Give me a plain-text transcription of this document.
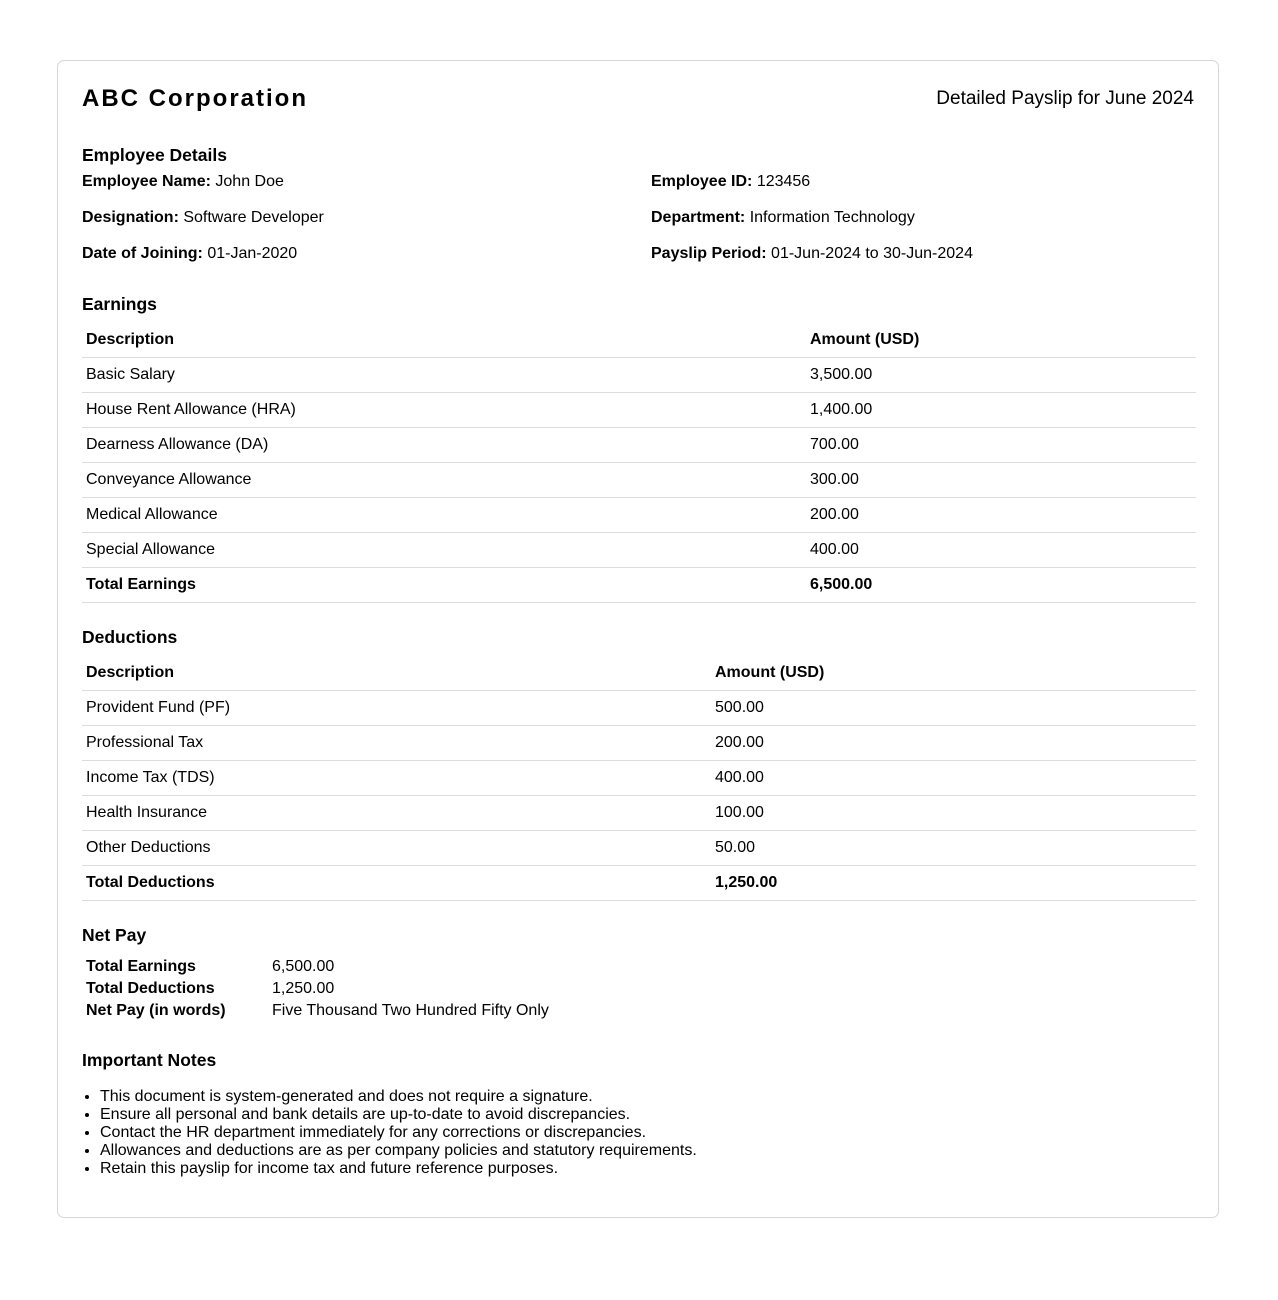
ABC Corporation	Detailed Payslip for June 2024
Employee Details
Employee Name: John Doe	Employee ID: 123456
Designation: Software Developer	Department: Information Technology
Date of Joining: 01-Jan-2020	Payslip Period: 01-Jun-2024 to 30-Jun-2024
Earnings
Description	Amount (USD)
Basic Salary	3,500.00
House Rent Allowance (HRA)	1,400.00
Dearness Allowance (DA)	700.00
Conveyance Allowance	300.00
Medical Allowance	200.00
Special Allowance	400.00
Total Earnings	6,500.00
Deductions
Description	Amount (USD)
Provident Fund (PF)	500.00
Professional Tax	200.00
Income Tax (TDS)	400.00
Health Insurance	100.00
Other Deductions	50.00
Total Deductions	1,250.00
Net Pay
Total Earnings	6,500.00
Total Deductions	1,250.00
Net Pay (in words)	Five Thousand Two Hundred Fifty Only
Important Notes
• This document is system-generated and does not require a signature.
• Ensure all personal and bank details are up-to-date to avoid discrepancies.
• Contact the HR department immediately for any corrections or discrepancies.
• Allowances and deductions are as per company policies and statutory requirements.
• Retain this payslip for income tax and future reference purposes.
